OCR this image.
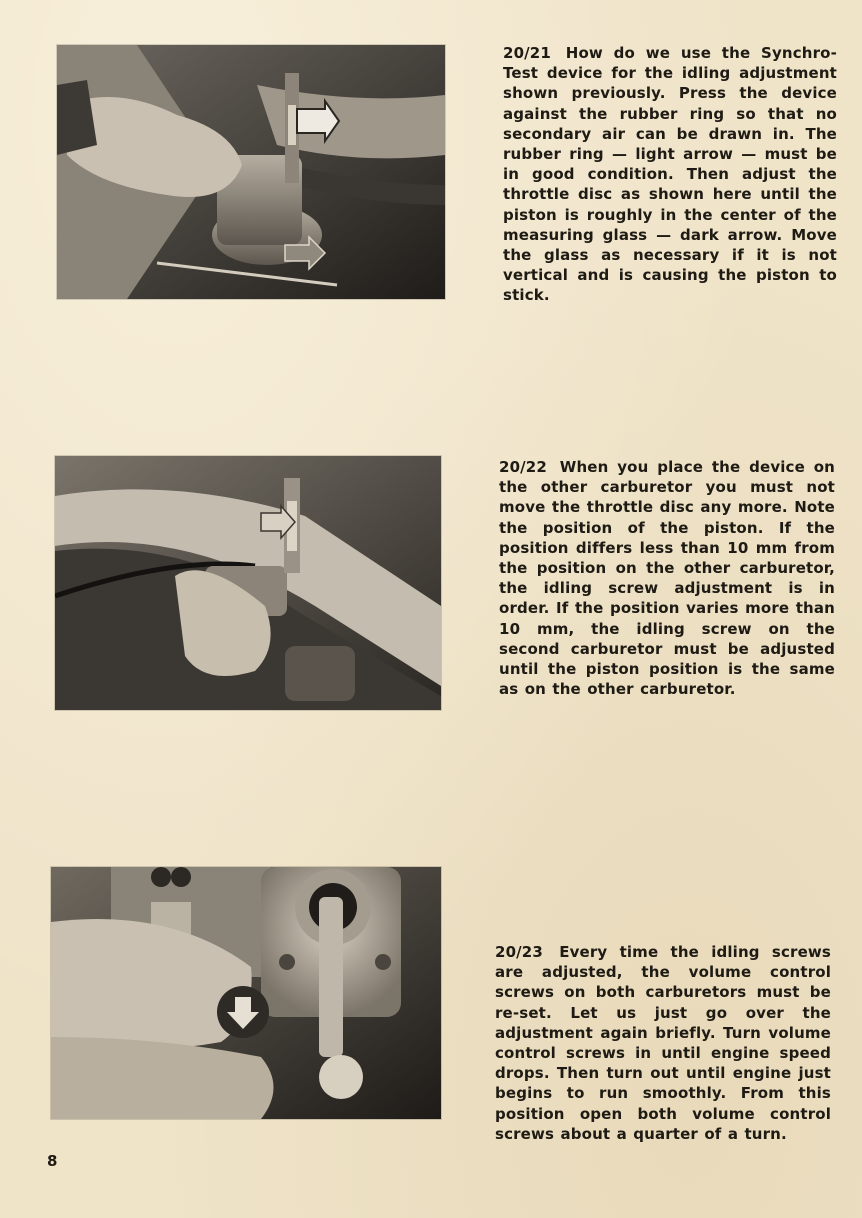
20/21 How do we use the Synchro-Test device for the idling adjustment shown previously. Press the device against the rubber ring so that no secondary air can be drawn in. The rubber ring — light arrow — must be in good condition. Then adjust the throttle disc as shown here until the piston is roughly in the center of the measuring glass — dark arrow. Move the glass as necessary if it is not vertical and is causing the piston to stick.
20/22 When you place the device on the other carburetor you must not move the throttle disc any more. Note the position of the piston. If the position differs less than 10 mm from the position on the other carburetor, the idling screw adjustment is in order. If the position varies more than 10 mm, the idling screw on the second carburetor must be adjusted until the piston position is the same as on the other carburetor.
20/23 Every time the idling screws are adjusted, the volume control screws on both carburetors must be re-set. Let us just go over the adjustment again briefly. Turn volume control screws in until engine speed drops. Then turn out until engine just begins to run smoothly. From this position open both volume control screws about a quarter of a turn.
8
